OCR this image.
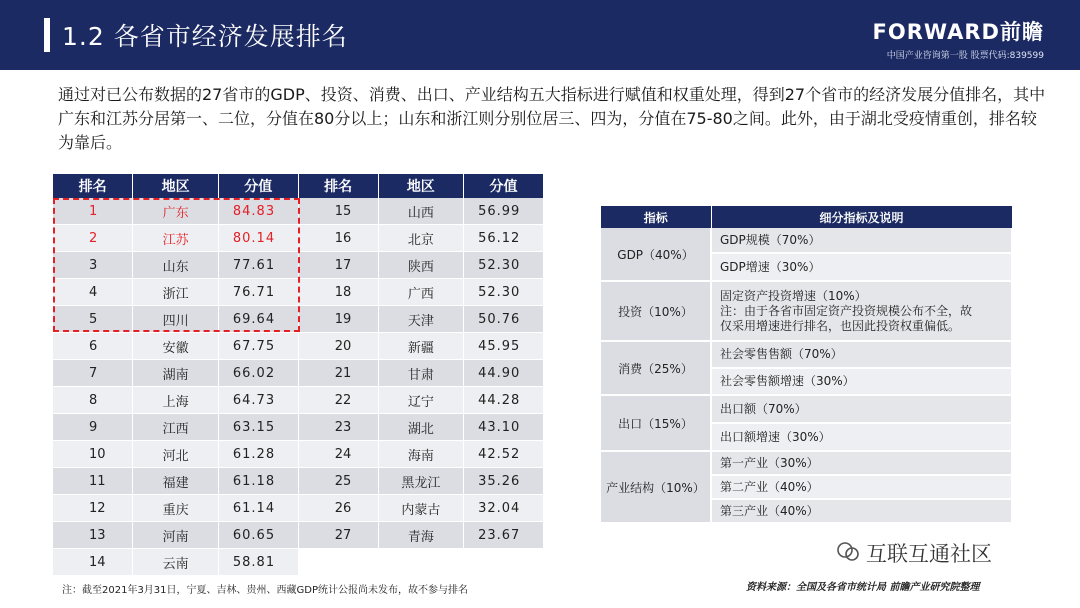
1.2 各省市经济发展排名	FORWARD前瞻
中国产业咨询第一股 股票代码:839599
通过对已公布数据的27省市的GDP、投资、消费、出口、产业结构五大指标进行赋值和权重处理，得到27个省市的经济发展分值排名，其中广东和江苏分居第一、二位，分值在80分以上；山东和浙江则分别位居三、四为，分值在75-80之间。此外，由于湖北受疫情重创，排名较为靠后。
排名	地区	分值	排名	地区	分值
1	广东	84.83	15	山西	56.99
2	江苏	80.14	16	北京	56.12
3	山东	77.61	17	陕西	52.30
4	浙江	76.71	18	广西	52.30
5	四川	69.64	19	天津	50.76
6	安徽	67.75	20	新疆	45.95
7	湖南	66.02	21	甘肃	44.90
8	上海	64.73	22	辽宁	44.28
9	江西	63.15	23	湖北	43.10
10	河北	61.28	24	海南	42.52
11	福建	61.18	25	黑龙江	35.26
12	重庆	61.14	26	内蒙古	32.04
13	河南	60.65	27	青海	23.67
14	云南	58.81			
指标	细分指标及说明
GDP（40%）	GDP规模（70%）
	GDP增速（30%）
投资（10%）	固定资产投资增速（10%）
注：由于各省市固定资产投资规模公布不全，故
仅采用增速进行排名，也因此投资权重偏低。

消费（25%）	社会零售售额（70%）
	社会零售额增速（30%）
出口（15%）	出口额（70%）
	出口额增速（30%）
产业结构（10%）	第一产业（30%）
	第二产业（40%）
	第三产业（40%）
互联互通社区
注：截至2021年3月31日，宁夏、吉林、贵州、西藏GDP统计公报尚未发布，故不参与排名	资料来源：全国及各省市统计局 前瞻产业研究院整理
